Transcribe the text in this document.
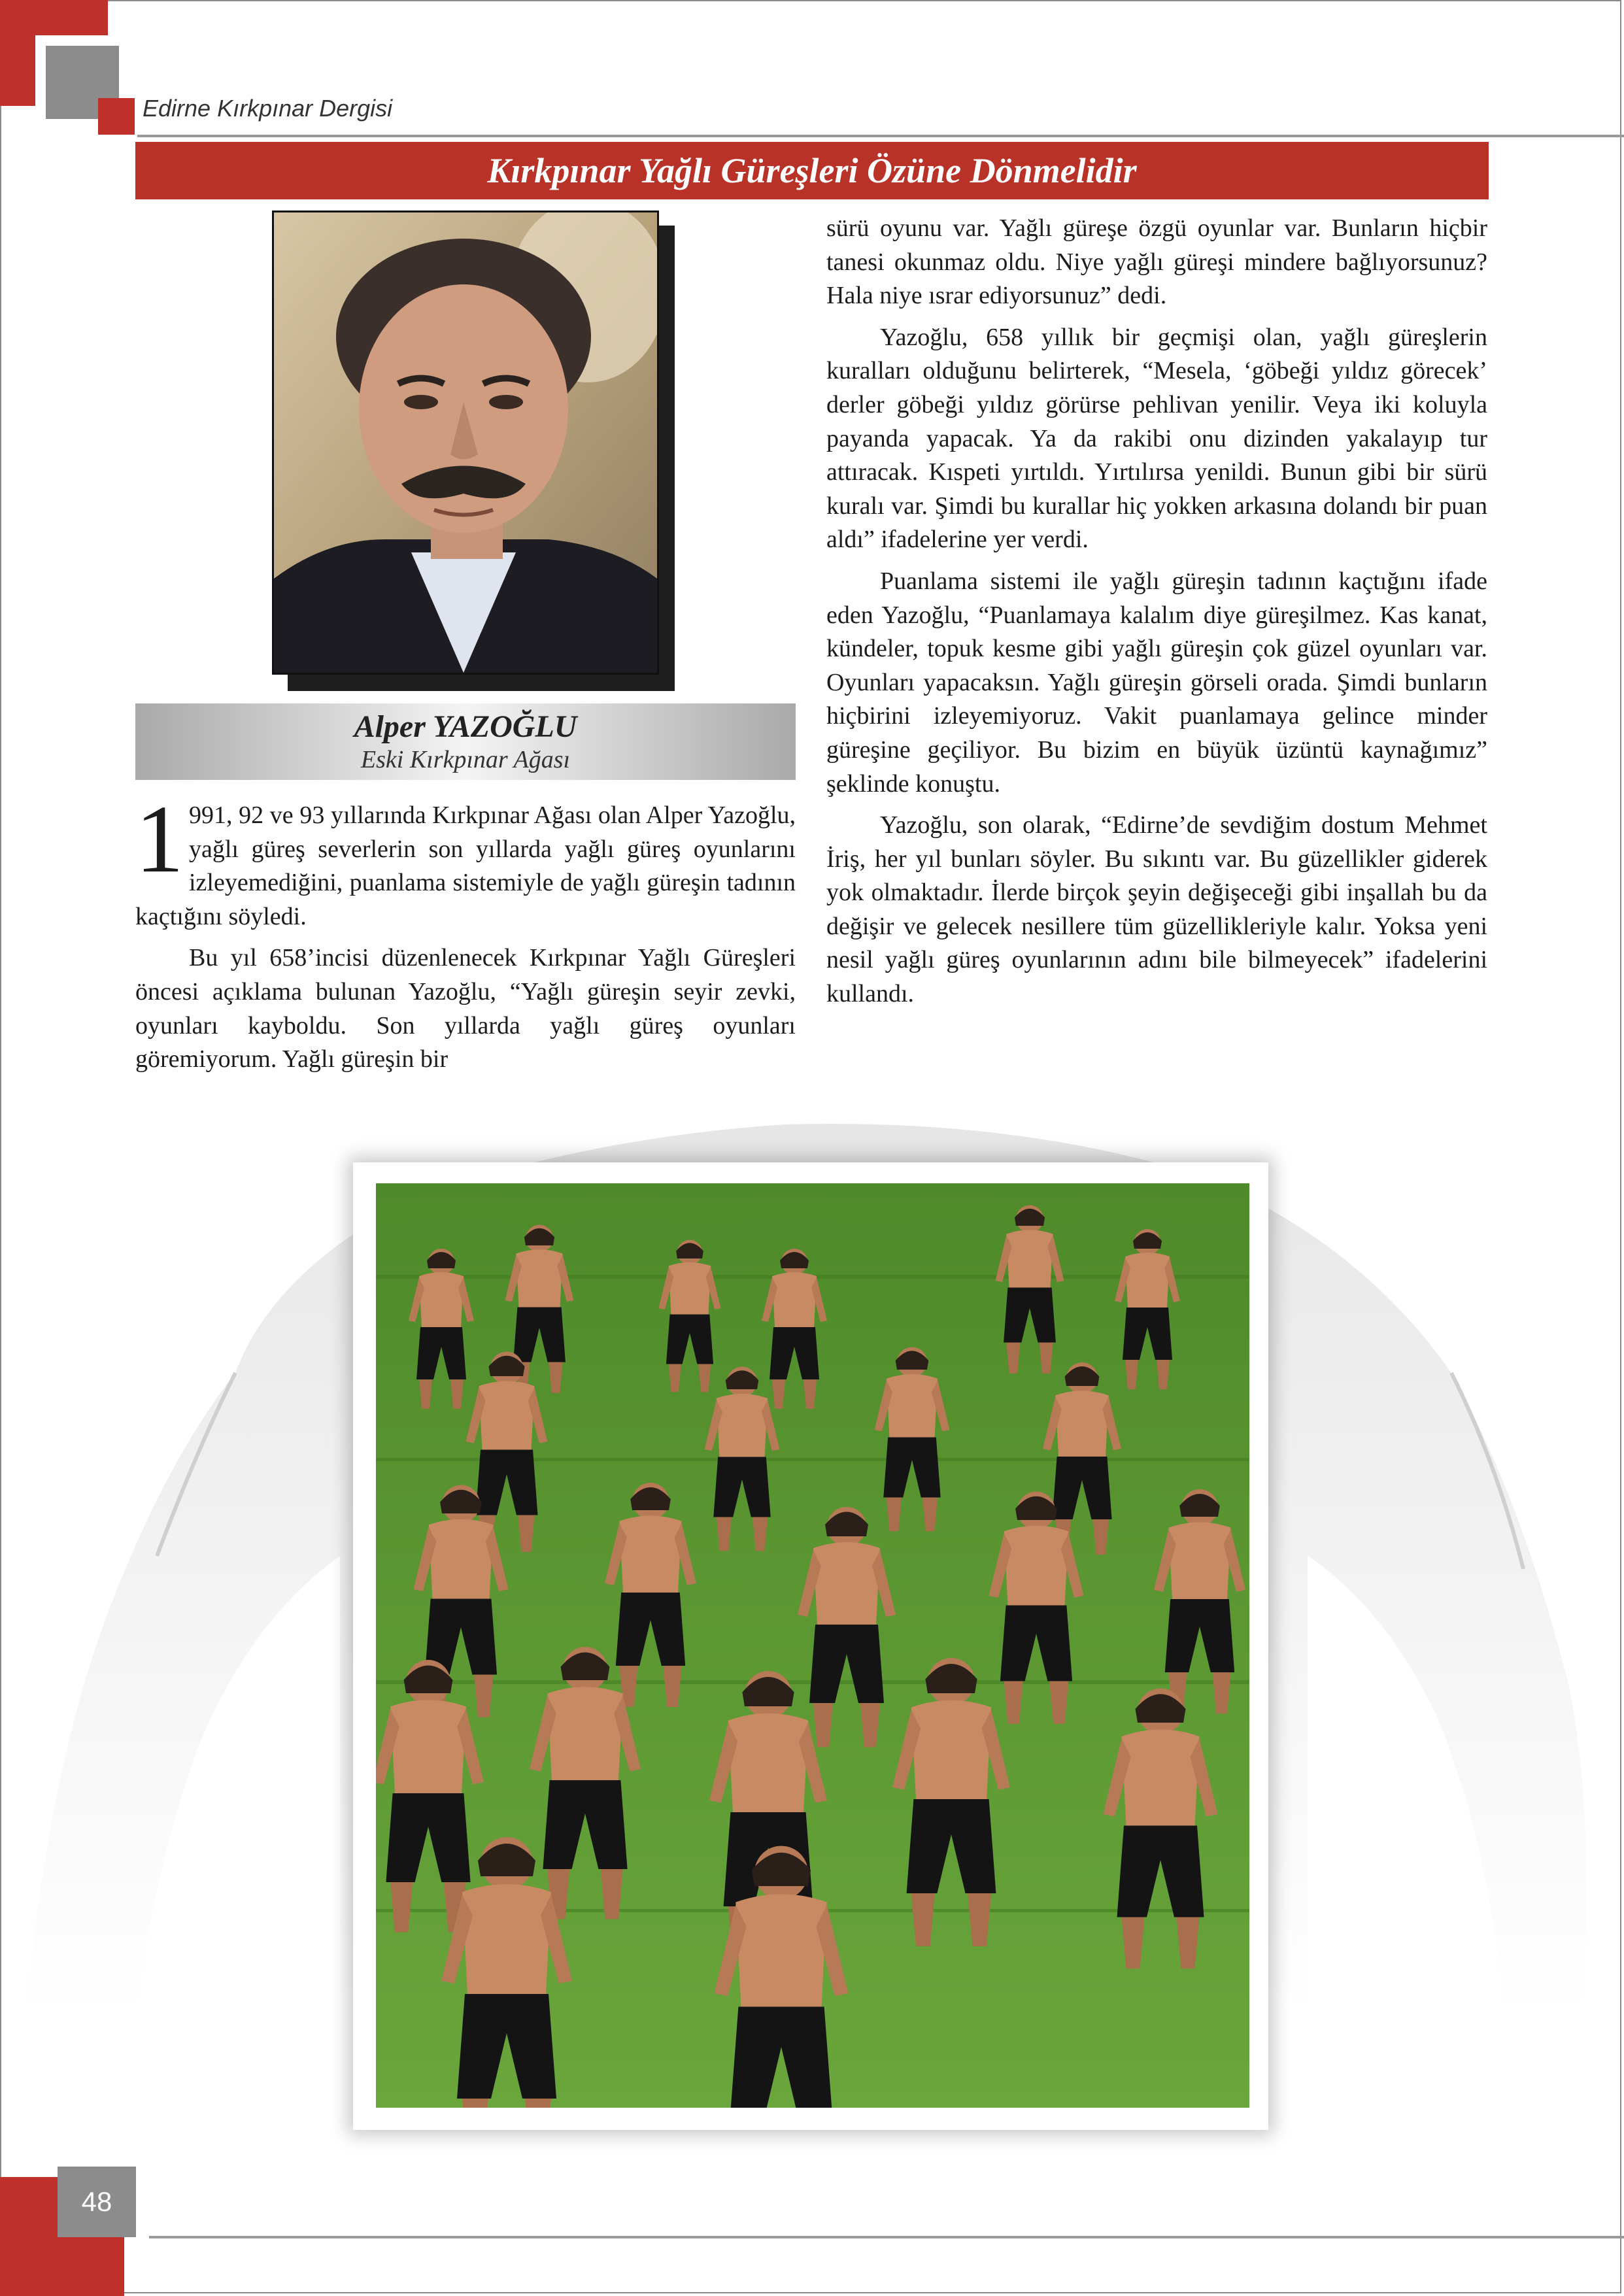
Edirne Kırkpınar Dergisi
Kırkpınar Yağlı Güreşleri Özüne Dönmelidir
Alper YAZOĞLU
Eski Kırkpınar Ağası

1 991, 92 ve 93 yıllarında Kırkpınar Ağası olan Alper Yazoğlu, yağlı güreş severlerin son yıllarda yağlı güreş oyunlarını izleyemediğini, puanlama sistemiyle de yağlı güreşin tadının kaçtığını söyledi.

Bu yıl 658’incisi düzenlenecek Kırkpınar Yağlı Güreşleri öncesi açıklama bulunan Yazoğlu, “Yağlı güreşin seyir zevki, oyunları kayboldu. Son yıllarda yağlı güreş oyunları göremiyorum. Yağlı güreşin bir

sürü oyunu var. Yağlı güreşe özgü oyunlar var. Bunların hiçbir tanesi okunmaz oldu. Niye yağlı güreşi mindere bağlıyorsunuz? Hala niye ısrar ediyorsunuz” dedi.

Yazoğlu, 658 yıllık bir geçmişi olan, yağlı güreşlerin kuralları olduğunu belirterek, “Mesela, ‘göbeği yıldız görecek’ derler göbeği yıldız görürse pehlivan yenilir. Veya iki koluyla payanda yapacak. Ya da rakibi onu dizinden yakalayıp tur attıracak. Kıspeti yırtıldı. Yırtılırsa yenildi. Bunun gibi bir sürü kuralı var. Şimdi bu kurallar hiç yokken arkasına dolandı bir puan aldı” ifadelerine yer verdi.

Puanlama sistemi ile yağlı güreşin tadının kaçtığını ifade eden Yazoğlu, “Puanlamaya kalalım diye güreşilmez. Kas kanat, kündeler, topuk kesme gibi yağlı güreşin çok güzel oyunları var. Oyunları yapacaksın. Yağlı güreşin görseli orada. Şimdi bunların hiçbirini izleyemiyoruz. Vakit puanlamaya gelince minder güreşine geçiliyor. Bu bizim en büyük üzüntü kaynağımız” şeklinde konuştu.

Yazoğlu, son olarak, “Edirne’de sevdiğim dostum Mehmet İriş, her yıl bunları söyler. Bu sıkıntı var. Bu güzellikler giderek yok olmaktadır. İlerde birçok şeyin değişeceği gibi inşallah bu da değişir ve gelecek nesillere tüm güzellikleriyle kalır. Yoksa yeni nesil yağlı güreş oyunlarının adını bile bilmeyecek” ifadelerini kullandı.

48
